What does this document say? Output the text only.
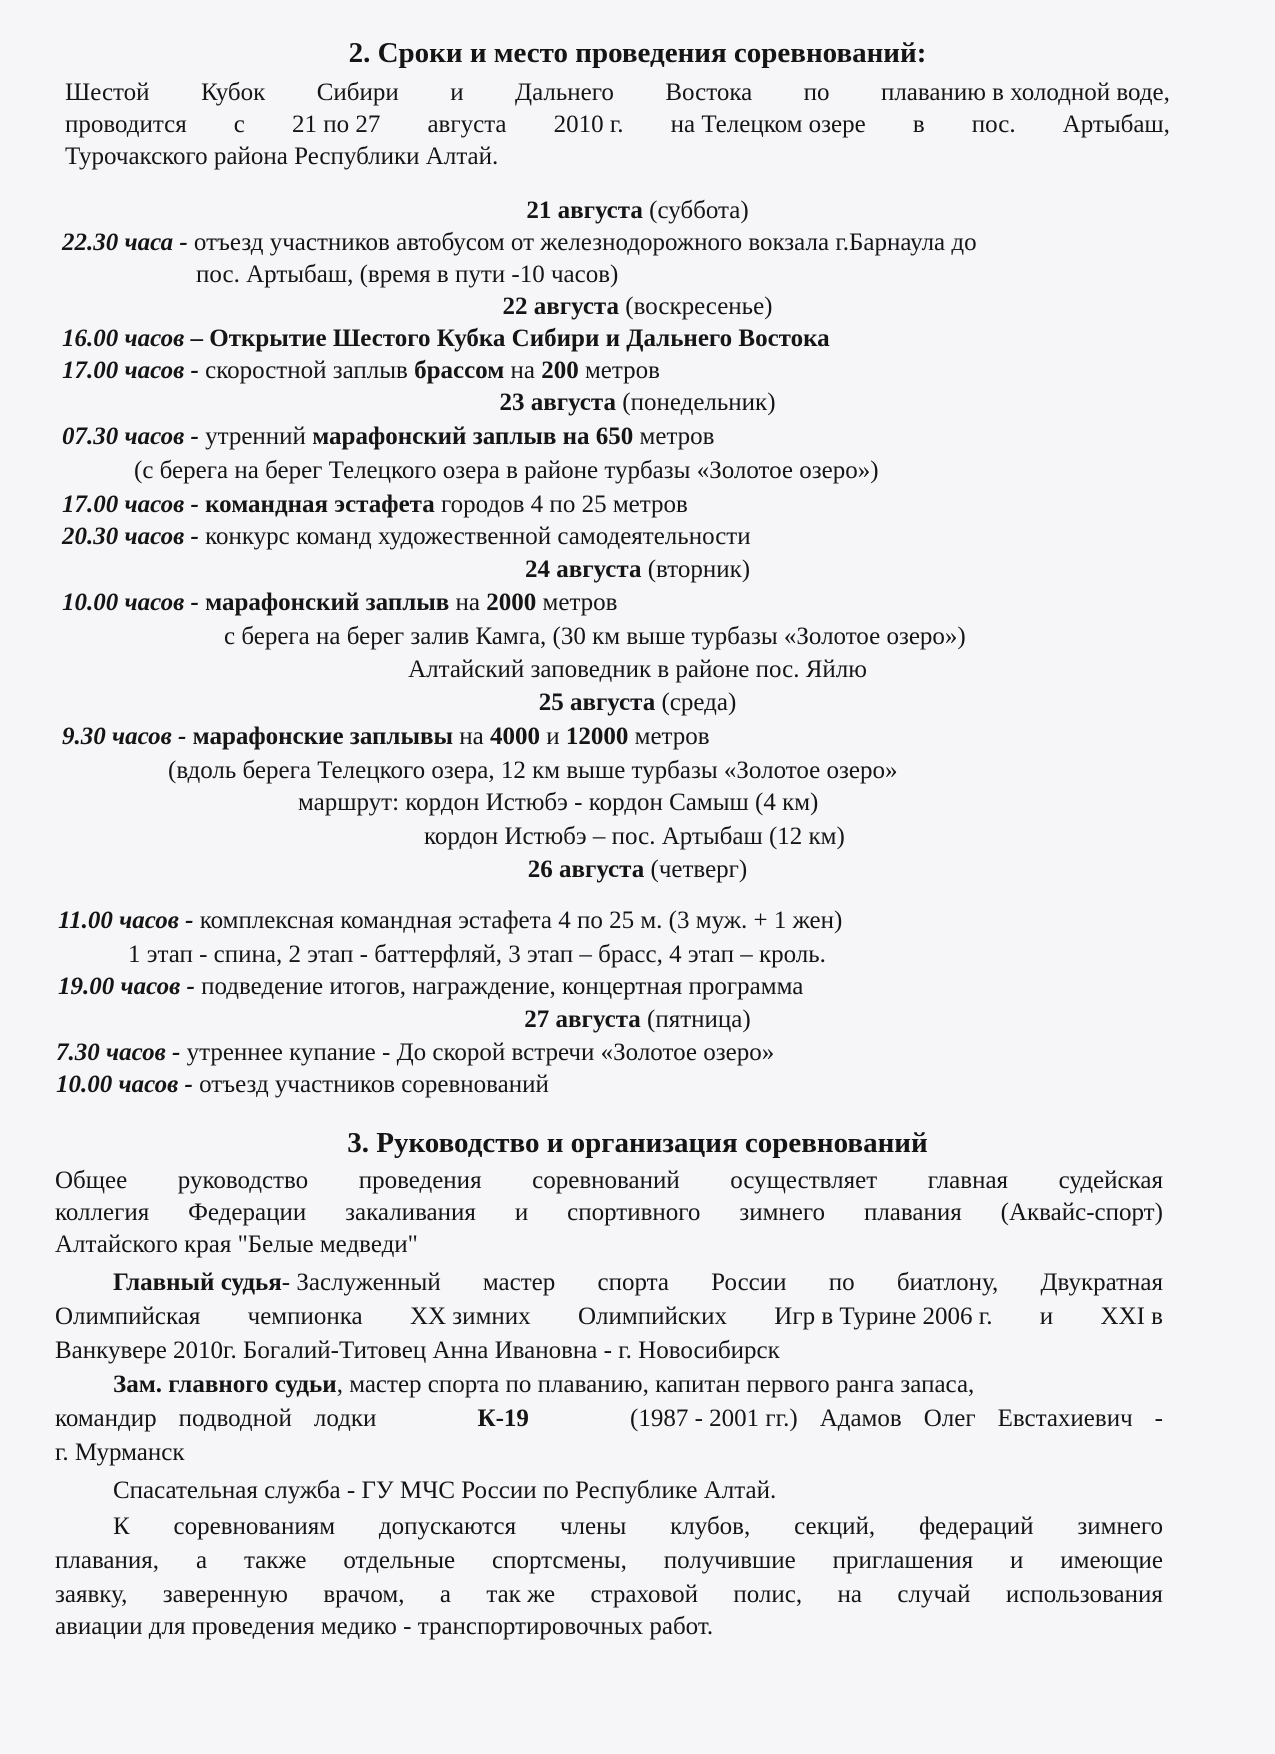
2. Сроки и место проведения соревнований:
Шестой Кубок Сибири и Дальнего Востока по плаванию в холодной воде,
проводится с 21 по 27 августа 2010 г. на Телецком озере в пос. Артыбаш,
Турочакского района Республики Алтай.
21 августа (суббота)
22.30 часа - отъезд участников автобусом от железнодорожного вокзала г.Барнаула до
пос. Артыбаш, (время в пути -10 часов)
22 августа (воскресенье)
16.00 часов – Открытие Шестого Кубка Сибири и Дальнего Востока
17.00 часов - скоростной заплыв брассом на 200 метров
23 августа (понедельник)
07.30 часов - утренний марафонский заплыв на 650 метров
(с берега на берег Телецкого озера в районе турбазы «Золотое озеро»)
17.00 часов - командная эстафета городов 4 по 25 метров
20.30 часов - конкурс команд художественной самодеятельности
24 августа (вторник)
10.00 часов - марафонский заплыв на 2000 метров
с берега на берег залив Камга, (30 км выше турбазы «Золотое озеро»)
Алтайский заповедник в районе пос. Яйлю
25 августа (среда)
9.30 часов - марафонские заплывы на 4000 и 12000 метров
(вдоль берега Телецкого озера, 12 км выше турбазы «Золотое озеро»
маршрут: кордон Истюбэ - кордон Самыш (4 км)
кордон Истюбэ – пос. Артыбаш (12 км)
26 августа (четверг)
11.00 часов - комплексная командная эстафета 4 по 25 м. (3 муж. + 1 жен)
1 этап - спина, 2 этап - баттерфляй, 3 этап – брасс, 4 этап – кроль.
19.00 часов - подведение итогов, награждение, концертная программа
27 августа (пятница)
7.30 часов - утреннее купание - До скорой встречи «Золотое озеро»
10.00 часов - отъезд участников соревнований
3. Руководство и организация соревнований
Общее руководство проведения соревнований осуществляет главная судейская
коллегия Федерации закаливания и спортивного зимнего плавания (Аквайс-спорт)
Алтайского края "Белые медведи"
Главный судья - Заслуженный мастер спорта России по биатлону, Двукратная
Олимпийская чемпионка XX зимних Олимпийских Игр в Турине 2006 г. и XXI в
Ванкувере 2010г. Богалий-Титовец Анна Ивановна - г. Новосибирск
Зам. главного судьи, мастер спорта по плаванию, капитан первого ранга запаса,
командир подводной лодки	К-19	(1987 - 2001 гг.) Адамов Олег Евстахиевич -
г. Мурманск
Спасательная служба - ГУ МЧС России по Республике Алтай.
К соревнованиям допускаются члены клубов, секций, федераций зимнего
плавания, а также отдельные спортсмены, получившие приглашения и имеющие
заявку, заверенную врачом, а так же страховой полис, на случай использования
авиации для проведения медико - транспортировочных работ.
